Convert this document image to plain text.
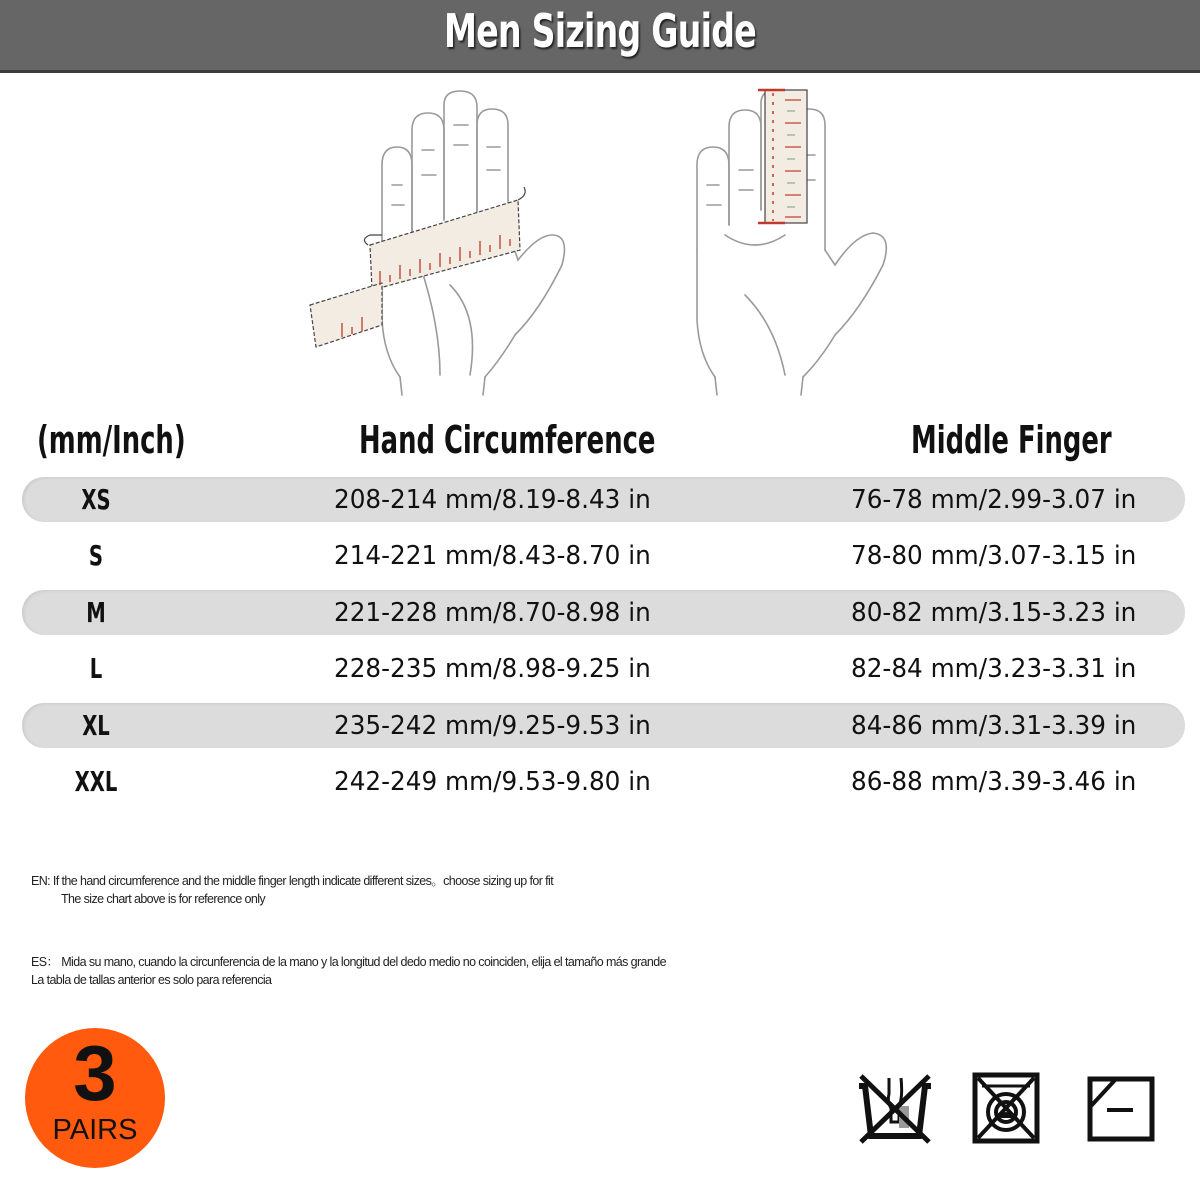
Men Sizing Guide
(mm/Inch)	Hand Circumference	Middle Finger
XS	208-214 mm/8.19-8.43 in	76-78 mm/2.99-3.07 in
S	214-221 mm/8.43-8.70 in	78-80 mm/3.07-3.15 in
M	221-228 mm/8.70-8.98 in	80-82 mm/3.15-3.23 in
L	228-235 mm/8.98-9.25 in	82-84 mm/3.23-3.31 in
XL	235-242 mm/9.25-9.53 in	84-86 mm/3.31-3.39 in
XXL	242-249 mm/9.53-9.80 in	86-88 mm/3.39-3.46 in
EN: If the hand circumference and the middle finger length indicate different sizes。choose sizing up for fit
The size chart above is for reference only
ES： Mida su mano, cuando la circunferencia de la mano y la longitud del dedo medio no coinciden, elija el tamaño más grande
La tabla de tallas anterior es solo para referencia
3
PAIRS
